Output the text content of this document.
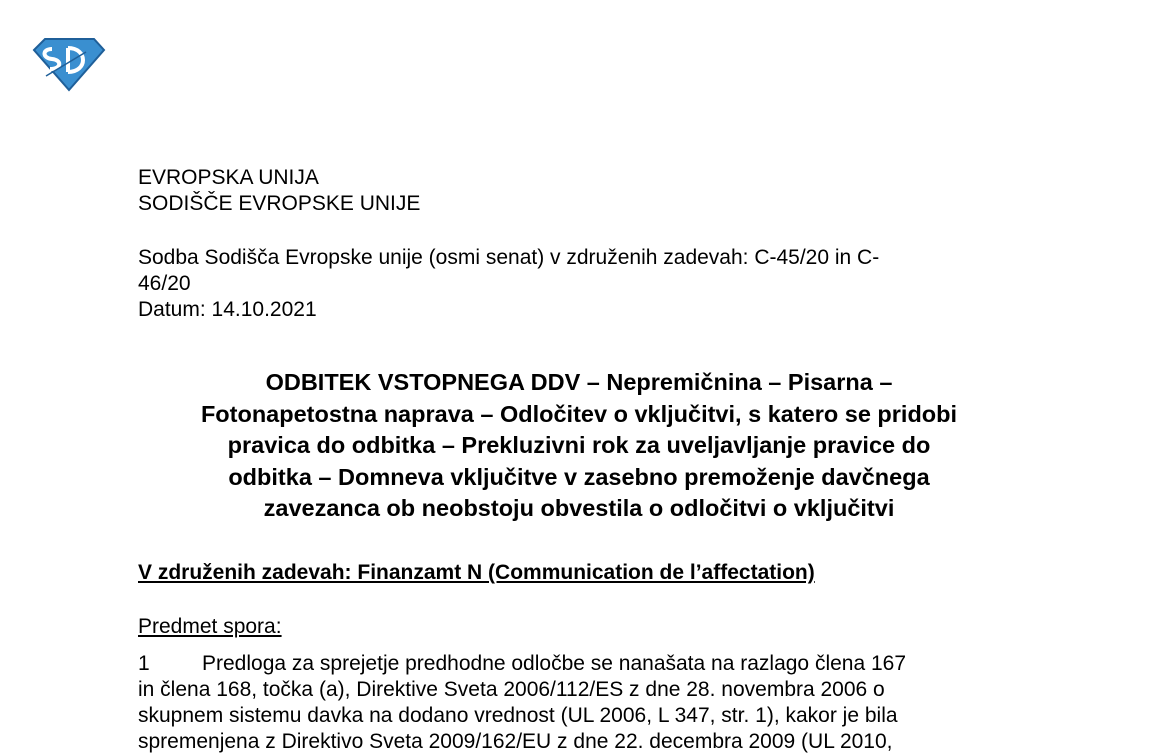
EVROPSKA UNIJA
SODIŠČE EVROPSKE UNIJE
Sodba Sodišča Evropske unije (osmi senat) v združenih zadevah: C-45/20 in C-
46/20
Datum: 14.10.2021
ODBITEK VSTOPNEGA DDV – Nepremičnina – Pisarna –
Fotonapetostna naprava – Odločitev o vključitvi, s katero se pridobi
pravica do odbitka – Prekluzivni rok za uveljavljanje pravice do
odbitka – Domneva vključitve v zasebno premoženje davčnega
zavezanca ob neobstoju obvestila o odločitvi o vključitvi
V združenih zadevah: Finanzamt N (Communication de l’affectation)
Predmet spora:
1 Predloga za sprejetje predhodne odločbe se nanašata na razlago člena 167
in člena 168, točka (a), Direktive Sveta 2006/112/ES z dne 28. novembra 2006 o
skupnem sistemu davka na dodano vrednost (UL 2006, L 347, str. 1), kakor je bila
spremenjena z Direktivo Sveta 2009/162/EU z dne 22. decembra 2009 (UL 2010,
